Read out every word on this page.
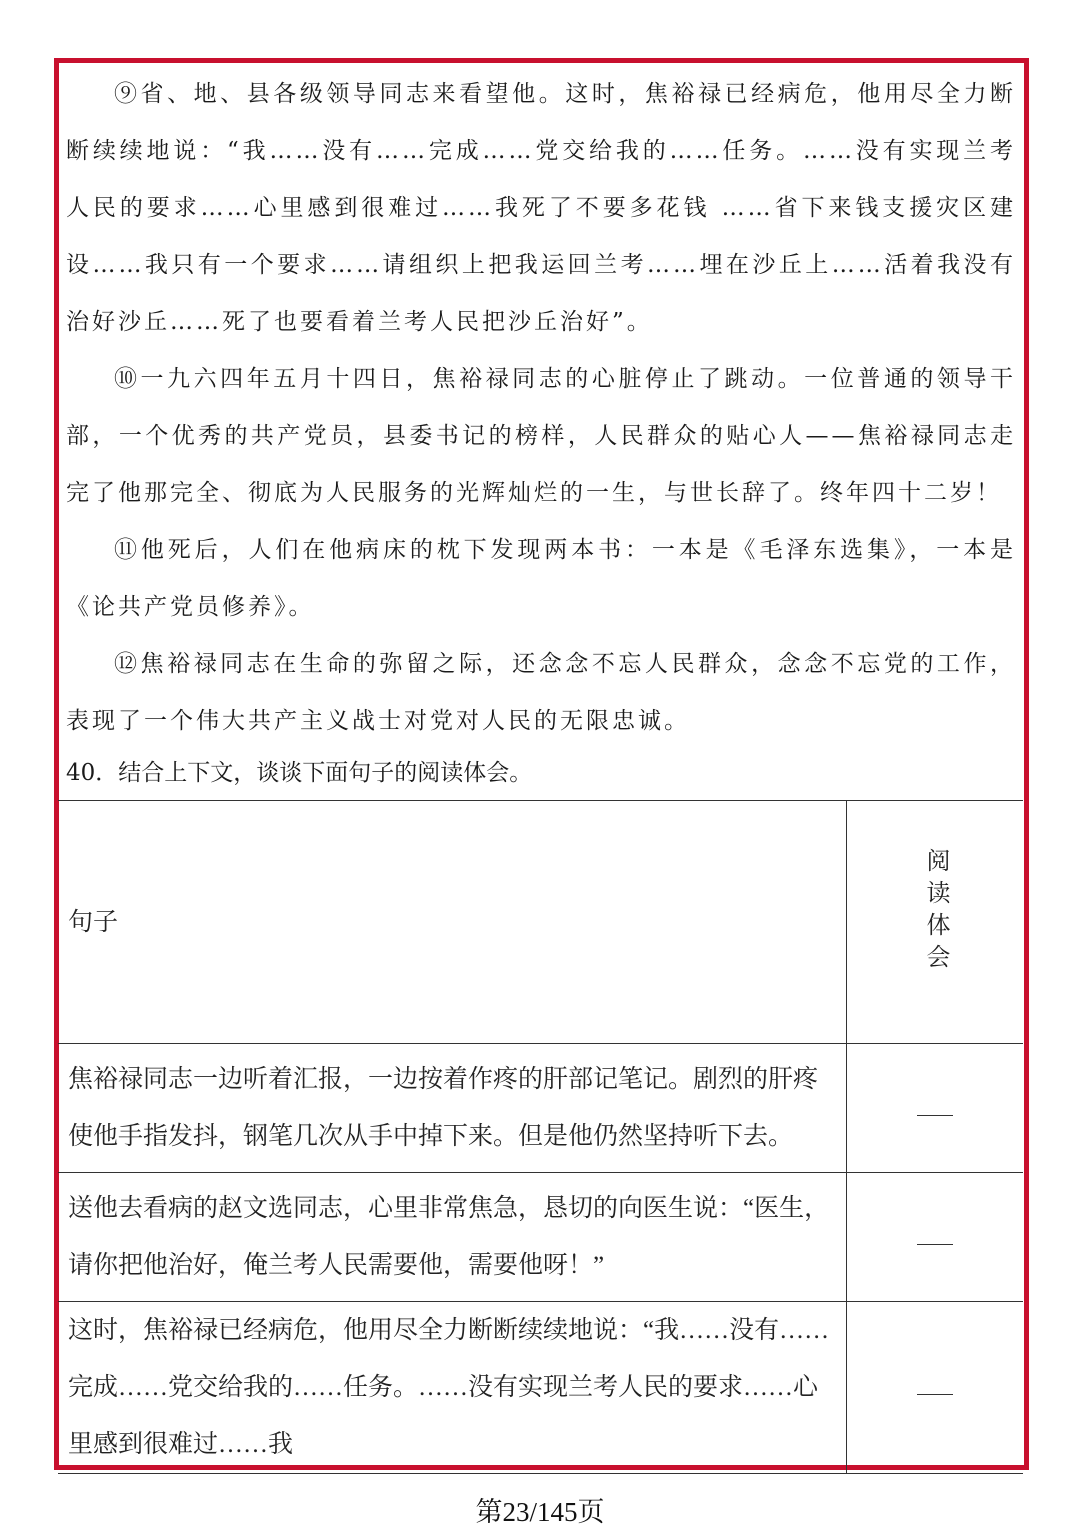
⑨省、地、县各级领导同志来看望他。这时，焦裕禄已经病危，他用尽全力断断续续地说：“我……没有……完成……党交给我的……任务。……没有实现兰考人民的要求……心里感到很难过……我死了不要多花钱 ……省下来钱支援灾区建设……我只有一个要求……请组织上把我运回兰考……埋在沙丘上……活着我没有治好沙丘……死了也要看着兰考人民把沙丘治好”。

⑩一九六四年五月十四日，焦裕禄同志的心脏停止了跳动。一位普通的领导干部，一个优秀的共产党员，县委书记的榜样，人民群众的贴心人——焦裕禄同志走完了他那完全、彻底为人民服务的光辉灿烂的一生，与世长辞了。终年四十二岁！

⑪他死后，人们在他病床的枕下发现两本书：一本是《毛泽东选集》，一本是《论共产党员修养》。

⑫焦裕禄同志在生命的弥留之际，还念念不忘人民群众，念念不忘党的工作，表现了一个伟大共产主义战士对党对人民的无限忠诚。

40．结合上下文，谈谈下面句子的阅读体会。

句子	阅读体会
焦裕禄同志一边听着汇报，一边按着作疼的肝部记笔记。剧烈的肝疼使他手指发抖，钢笔几次从手中掉下来。但是他仍然坚持听下去。	
送他去看病的赵文选同志，心里非常焦急，恳切的向医生说：“医生，请你把他治好，俺兰考人民需要他，需要他呀！”	
这时，焦裕禄已经病危，他用尽全力断断续续地说：“我……没有……完成……党交给我的……任务。……没有实现兰考人民的要求……心里感到很难过……我	

第23/145页
